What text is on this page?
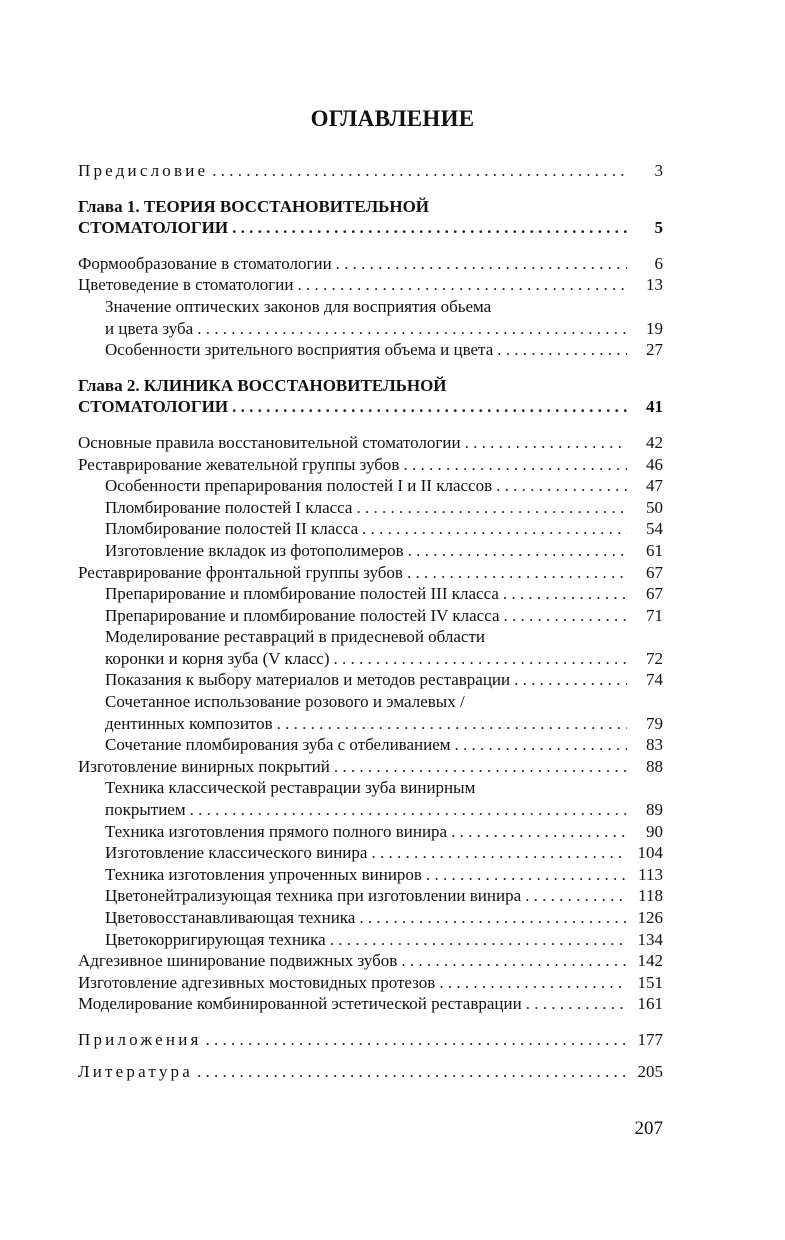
ОГЛАВЛЕНИЕ
Предисловие . . .	3
Глава 1. ТЕОРИЯ ВОССТАНОВИТЕЛЬНОЙ
СТОМАТОЛОГИИ . . .	5
Формообразование в стоматологии . . .	6
Цветоведение в стоматологии . . .	13
Значение оптических законов для восприятия обьема
и цвета зуба . . .	19
Особенности зрительного восприятия объема и цвета . . .	27
Глава 2. КЛИНИКА ВОССТАНОВИТЕЛЬНОЙ
СТОМАТОЛОГИИ . . .	41
Основные правила восстановительной стоматологии . . .	42
Реставрирование жевательной группы зубов . . .	46
Особенности препарирования полостей I и II классов . . .	47
Пломбирование полостей I класса . . .	50
Пломбирование полостей II класса . . .	54
Изготовление вкладок из фотополимеров . . .	61
Реставрирование фронтальной группы зубов . . .	67
Препарирование и пломбирование полостей III класса . . .	67
Препарирование и пломбирование полостей IV класса . . .	71
Моделирование реставраций в придесневой области
коронки и корня зуба (V класс) . . .	72
Показания к выбору материалов и методов реставрации . . .	74
Сочетанное использование розового и эмалевых /
дентинных композитов . . .	79
Сочетание пломбирования зуба с отбеливанием . . .	83
Изготовление винирных покрытий . . .	88
Техника классической реставрации зуба винирным
покрытием . . .	89
Техника изготовления прямого полного винира . . .	90
Изготовление классического винира . . .	104
Техника изготовления упроченных виниров . . .	113
Цветонейтрализующая техника при изготовлении винира . . .	118
Цветовосстанавливающая техника . . .	126
Цветокорригирующая техника . . .	134
Адгезивное шинирование подвижных зубов . . .	142
Изготовление адгезивных мостовидных протезов . . .	151
Моделирование комбинированной эстетической реставрации . . .	161
Приложения . . .	177
Литература . . .	205
207
